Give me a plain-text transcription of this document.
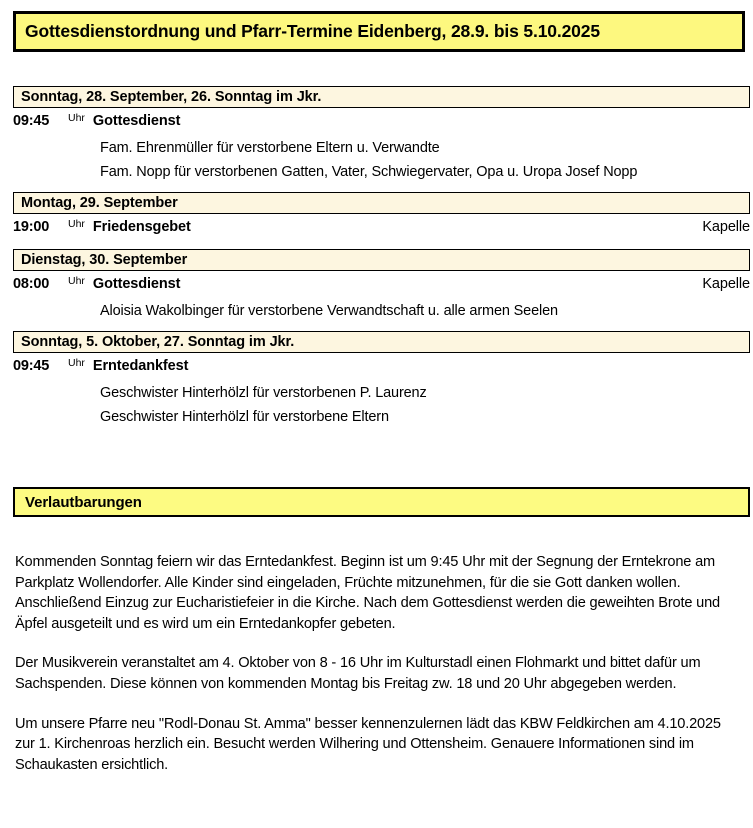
Gottesdienstordnung und Pfarr-Termine Eidenberg, 28.9. bis 5.10.2025
Sonntag, 28. September, 26. Sonntag im Jkr.
09:45	Uhr Gottesdienst
Fam. Ehrenmüller für verstorbene Eltern u. Verwandte
Fam. Nopp für verstorbenen Gatten, Vater, Schwiegervater, Opa u. Uropa Josef Nopp
Montag, 29. September
19:00	Uhr Friedensgebet	Kapelle
Dienstag, 30. September
08:00	Uhr Gottesdienst	Kapelle
Aloisia Wakolbinger für verstorbene Verwandtschaft u. alle armen Seelen
Sonntag, 5. Oktober, 27. Sonntag im Jkr.
09:45	Uhr Erntedankfest
Geschwister Hinterhölzl für verstorbenen P. Laurenz
Geschwister Hinterhölzl für verstorbene Eltern
Verlautbarungen

Kommenden Sonntag feiern wir das Erntedankfest. Beginn ist um 9:45 Uhr mit der Segnung der Erntekrone am Parkplatz Wollendorfer. Alle Kinder sind eingeladen, Früchte mitzunehmen, für die sie Gott danken wollen. Anschließend Einzug zur Eucharistiefeier in die Kirche. Nach dem Gottesdienst werden die geweihten Brote und Äpfel ausgeteilt und es wird um ein Erntedankopfer gebeten.

Der Musikverein veranstaltet am 4. Oktober von 8 - 16 Uhr im Kulturstadl einen Flohmarkt und bittet dafür um Sachspenden. Diese können von kommenden Montag bis Freitag zw. 18 und 20 Uhr abgegeben werden.

Um unsere Pfarre neu "Rodl-Donau St. Amma" besser kennenzulernen lädt das KBW Feldkirchen am 4.10.2025 zur 1. Kirchenroas herzlich ein. Besucht werden Wilhering und Ottensheim. Genauere Informationen sind im Schaukasten ersichtlich.
